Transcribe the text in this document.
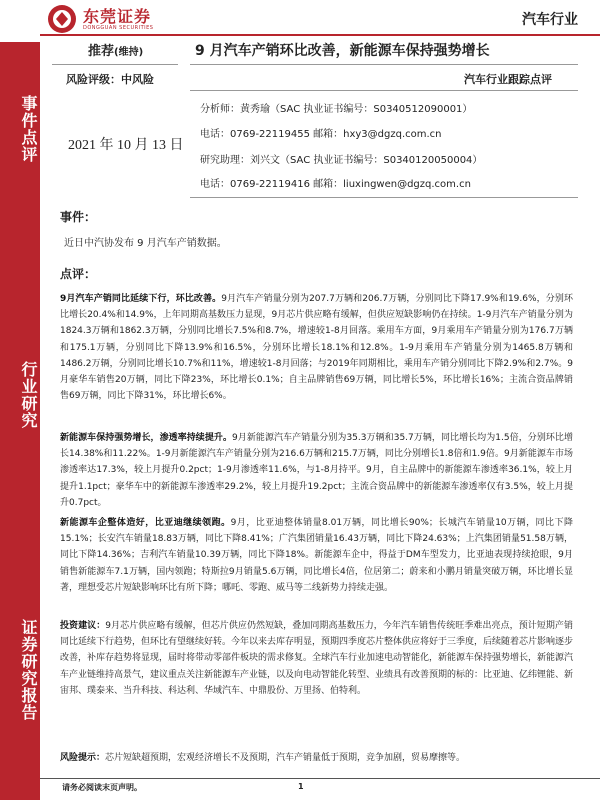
事件点评
行业研究
证券研究报告
东莞证券
DONGGUAN SECURITIES	汽车行业
推荐(维持)	9 月汽车产销环比改善，新能源车保持强势增长
风险评级：中风险	汽车行业跟踪点评
分析师：黄秀瑜（SAC 执业证书编号：S0340512090001）
电话：0769-22119455 邮箱：hxy3@dgzq.com.cn
2021 年 10 月 13 日
研究助理：刘兴文（SAC 执业证书编号：S0340120050004）
电话：0769-22119416 邮箱：liuxingwen@dgzq.com.cn
事件：
近日中汽协发布 9 月汽车产销数据。
点评：
9月汽车产销同比延续下行，环比改善。9月汽车产销量分别为207.7万辆和206.7万辆，分别同比下降17.9%和19.6%，分别环比增长20.4%和14.9%，上年同期高基数压力显现，9月芯片供应略有缓解，但供应短缺影响仍在持续。1-9月汽车产销量分别为1824.3万辆和1862.3万辆，分别同比增长7.5%和8.7%，增速较1-8月回落。乘用车方面，9月乘用车产销量分别为176.7万辆和175.1万辆，分别同比下降13.9%和16.5%，分别环比增长18.1%和12.8%。1-9月乘用车产销量分别为1465.8万辆和1486.2万辆，分别同比增长10.7%和11%，增速较1-8月回落；与2019年同期相比，乘用车产销分别同比下降2.9%和2.7%。9月豪华车销售20万辆，同比下降23%，环比增长0.1%；自主品牌销售69万辆，同比增长5%，环比增长16%；主流合资品牌销售69万辆，同比下降31%，环比增长6%。
新能源车保持强势增长，渗透率持续提升。9月新能源汽车产销量分别为35.3万辆和35.7万辆，同比增长均为1.5倍，分别环比增长14.38%和11.22%。1-9月新能源汽车产销量分别为216.6万辆和215.7万辆，同比分别增长1.8倍和1.9倍。9月新能源车市场渗透率达17.3%，较上月提升0.2pct；1-9月渗透率11.6%，与1-8月持平。9月，自主品牌中的新能源车渗透率36.1%，较上月提升1.1pct；豪华车中的新能源车渗透率29.2%，较上月提升19.2pct；主流合资品牌中的新能源车渗透率仅有3.5%，较上月提升0.7pct。
新能源车企整体造好，比亚迪继续领跑。9月，比亚迪整体销量8.01万辆，同比增长90%；长城汽车销量10万辆，同比下降15.1%；长安汽车销量18.83万辆，同比下降8.41%；广汽集团销量16.43万辆，同比下降24.63%；上汽集团销量51.58万辆，同比下降14.36%；吉利汽车销量10.39万辆，同比下降18%。新能源车企中，得益于DM车型发力，比亚迪表现持续抢眼，9月销售新能源车7.1万辆，国内领跑；特斯拉9月销量5.6万辆，同比增长4倍，位居第二；蔚来和小鹏月销量突破万辆，环比增长显著，理想受芯片短缺影响环比有所下降；哪吒、零跑、威马等二线新势力持续走强。
投资建议：9月芯片供应略有缓解，但芯片供应仍然短缺，叠加同期高基数压力，今年汽车销售传统旺季难出亮点，预计短期产销同比延续下行趋势，但环比有望继续好转。今年以来去库存明显，预期四季度芯片整体供应将好于三季度，后续随着芯片影响逐步改善，补库存趋势将显现，届时将带动零部件板块的需求修复。全球汽车行业加速电动智能化，新能源车保持强势增长，新能源汽车产业链维持高景气，建议重点关注新能源车产业链，以及向电动智能化转型、业绩具有改善预期的标的：比亚迪、亿纬锂能、新宙邦、璞泰来、当升科技、科达利、华域汽车、中鼎股份、万里扬、伯特利。
风险提示：芯片短缺超预期，宏观经济增长不及预期，汽车产销量低于预期，竞争加剧，贸易摩擦等。
请务必阅读末页声明。	1
